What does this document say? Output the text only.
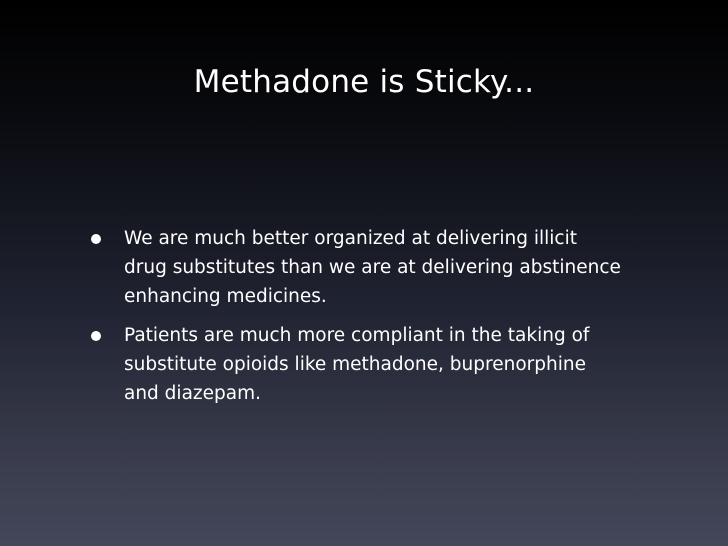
Methadone is Sticky...
We are much better organized at delivering illicit
drug substitutes than we are at delivering abstinence
enhancing medicines.
Patients are much more compliant in the taking of
substitute opioids like methadone, buprenorphine
and diazepam.
